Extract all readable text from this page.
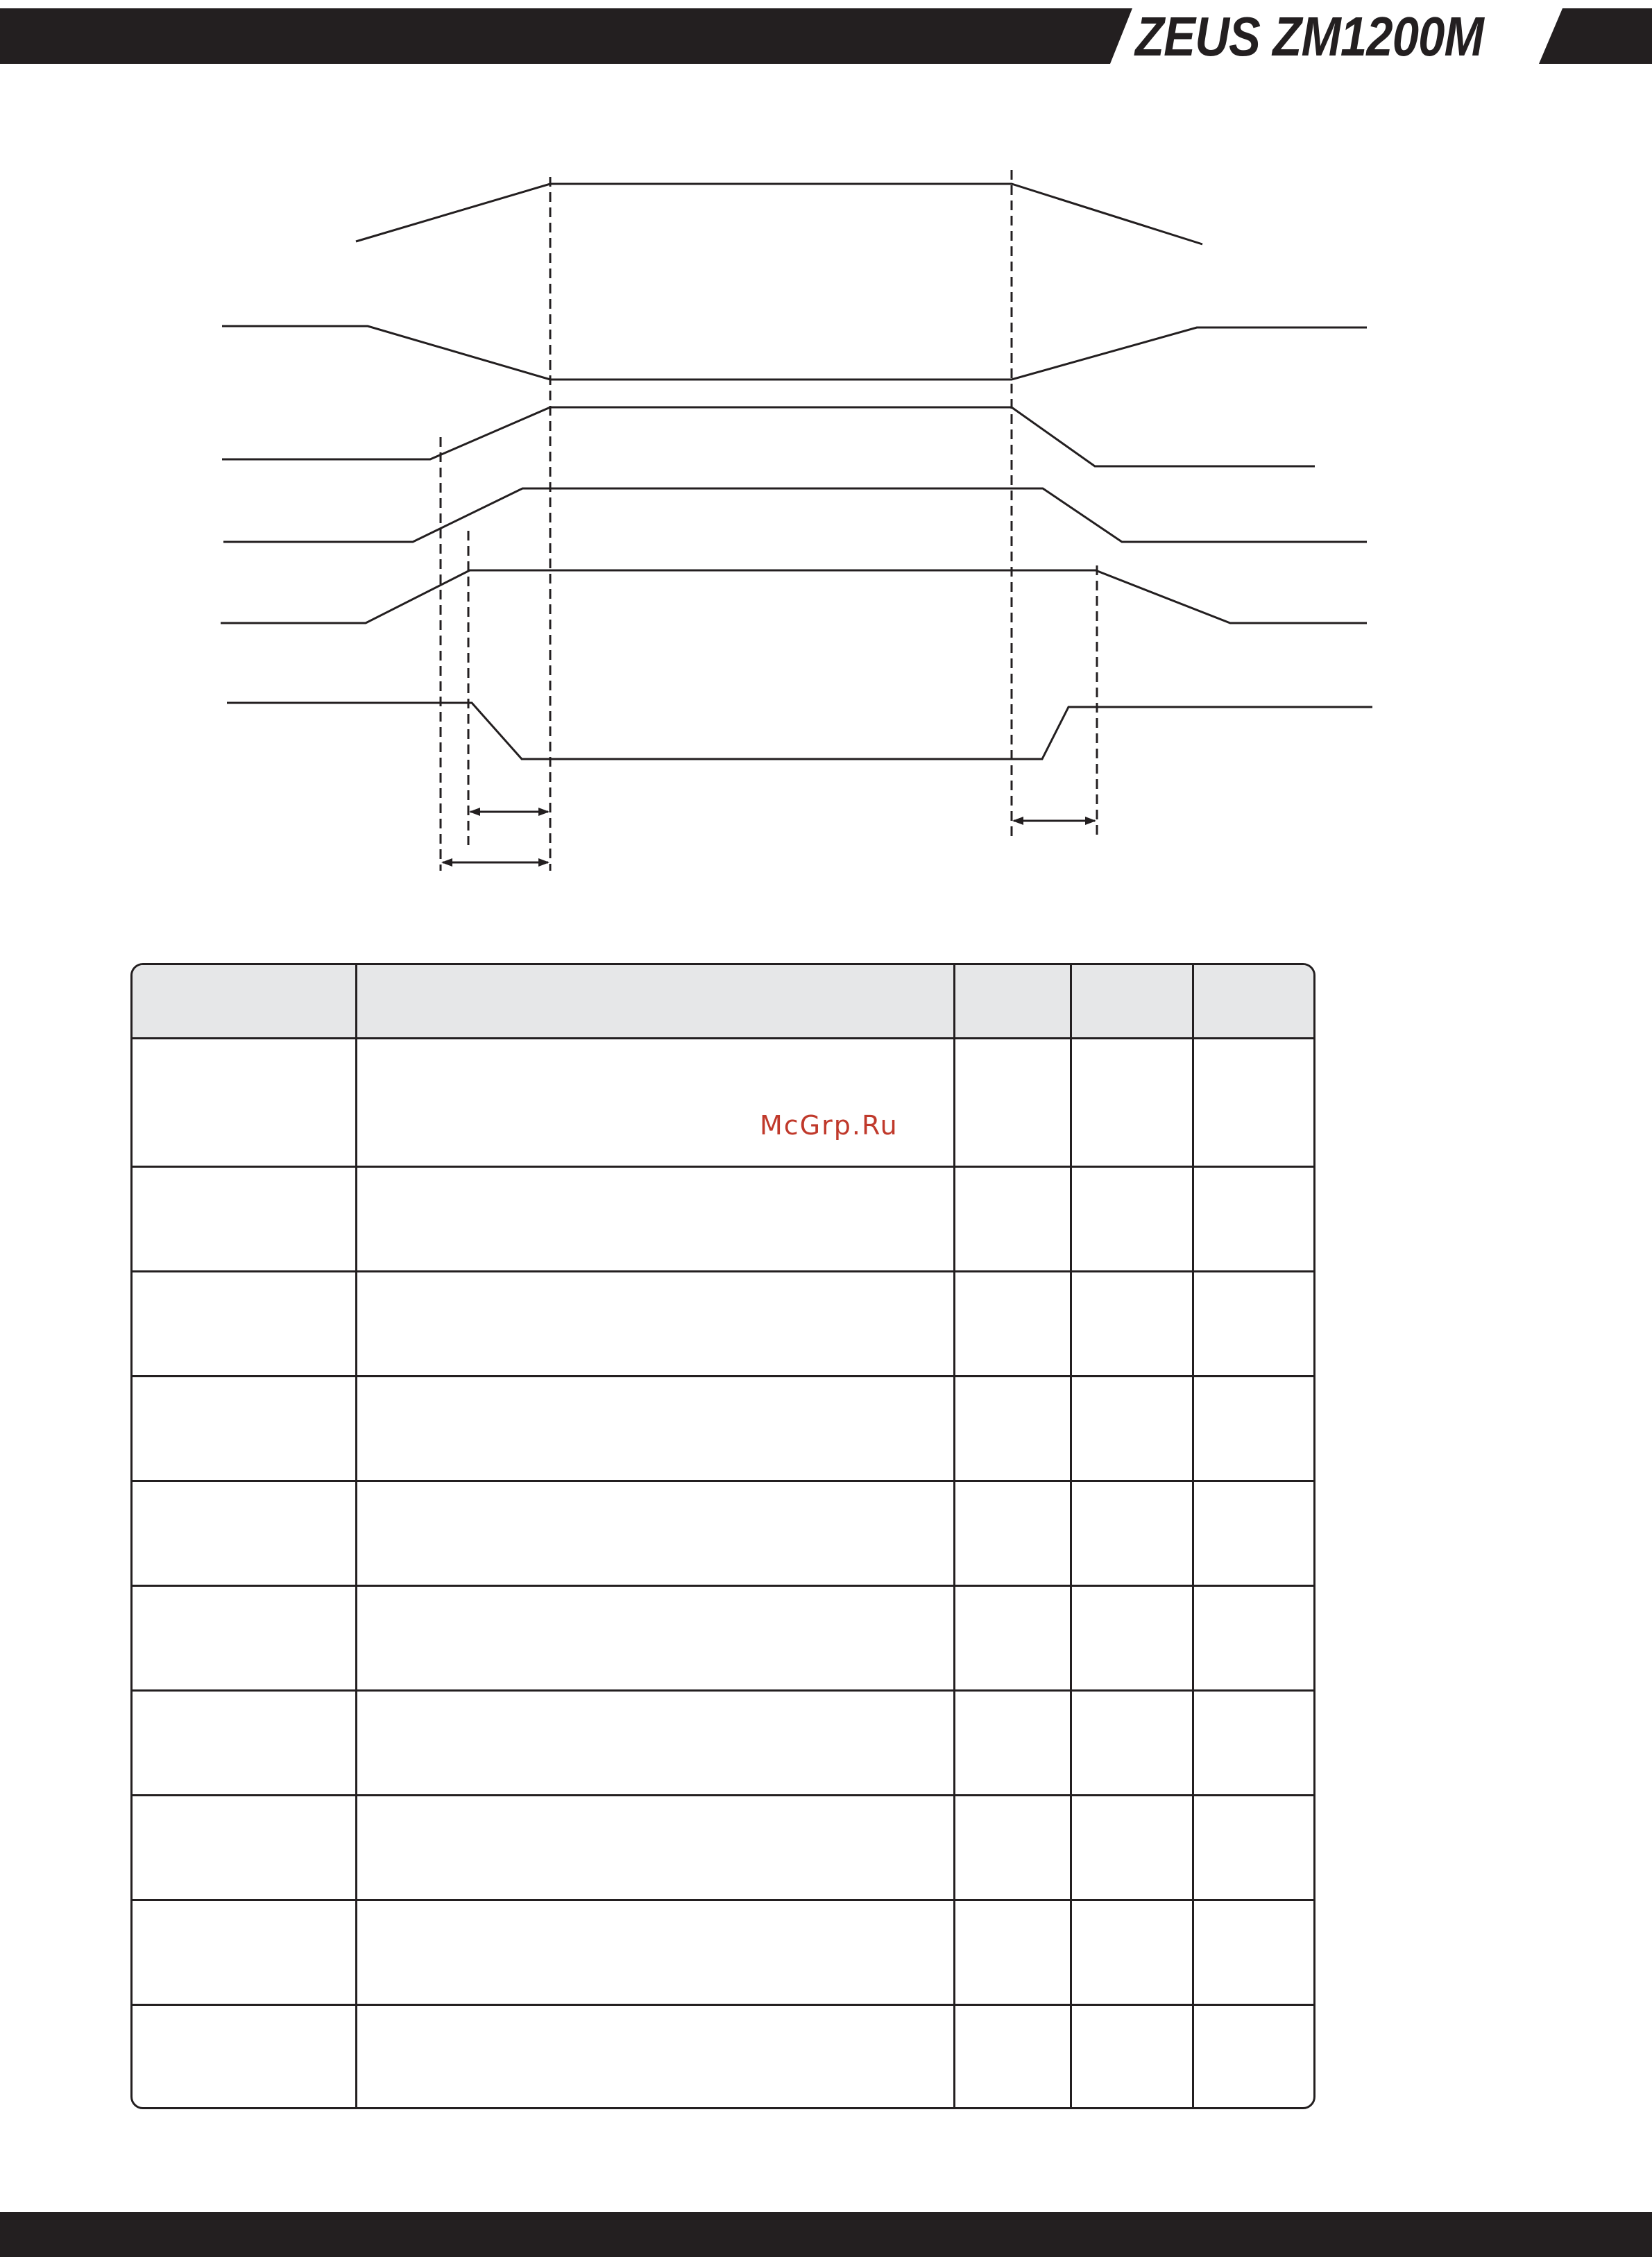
ZEUS ZM1200M

McGrp.Ru
